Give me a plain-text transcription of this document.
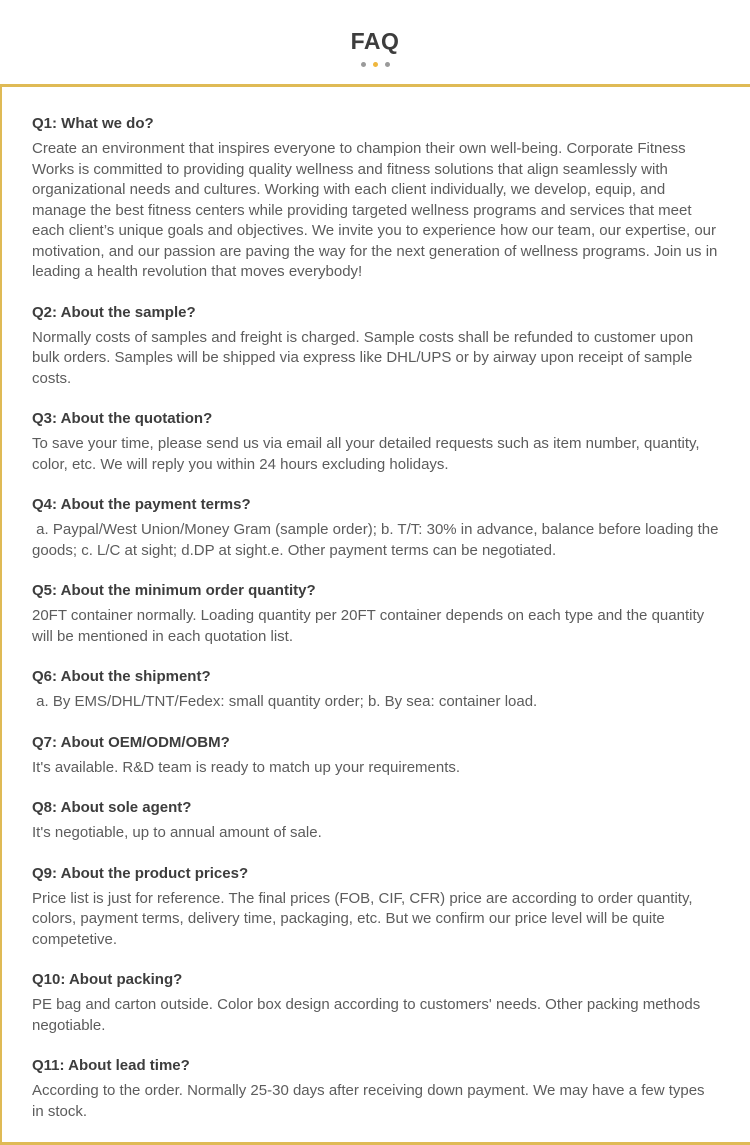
FAQ
Q1: What we do?

Create an environment that inspires everyone to champion their own well-being. Corporate Fitness Works is committed to providing quality wellness and fitness solutions that align seamlessly with organizational needs and cultures. Working with each client individually, we develop, equip, and manage the best fitness centers while providing targeted wellness programs and services that meet each client’s unique goals and objectives. We invite you to experience how our team, our expertise, our motivation, and our passion are paving the way for the next generation of wellness programs. Join us in leading a health revolution that moves everybody!

Q2: About the sample?

Normally costs of samples and freight is charged. Sample costs shall be refunded to customer upon bulk orders. Samples will be shipped via express like DHL/UPS or by airway upon receipt of sample costs.

Q3: About the quotation?

To save your time, please send us via email all your detailed requests such as item number, quantity, color, etc. We will reply you within 24 hours excluding holidays.

Q4: About the payment terms?

a. Paypal/West Union/Money Gram (sample order); b. T/T: 30% in advance, balance before loading the goods; c. L/C at sight; d.DP at sight.e. Other payment terms can be negotiated.

Q5: About the minimum order quantity?

20FT container normally. Loading quantity per 20FT container depends on each type and the quantity will be mentioned in each quotation list.

Q6: About the shipment?

a. By EMS/DHL/TNT/Fedex: small quantity order; b. By sea: container load.

Q7: About OEM/ODM/OBM?

It's available. R&D team is ready to match up your requirements.

Q8: About sole agent?

It's negotiable, up to annual amount of sale.

Q9: About the product prices?

Price list is just for reference. The final prices (FOB, CIF, CFR) price are according to order quantity, colors, payment terms, delivery time, packaging, etc. But we confirm our price level will be quite competetive.

Q10: About packing?

PE bag and carton outside. Color box design according to customers' needs. Other packing methods negotiable.

Q11: About lead time?

According to the order. Normally 25-30 days after receiving down payment. We may have a few types in stock.
